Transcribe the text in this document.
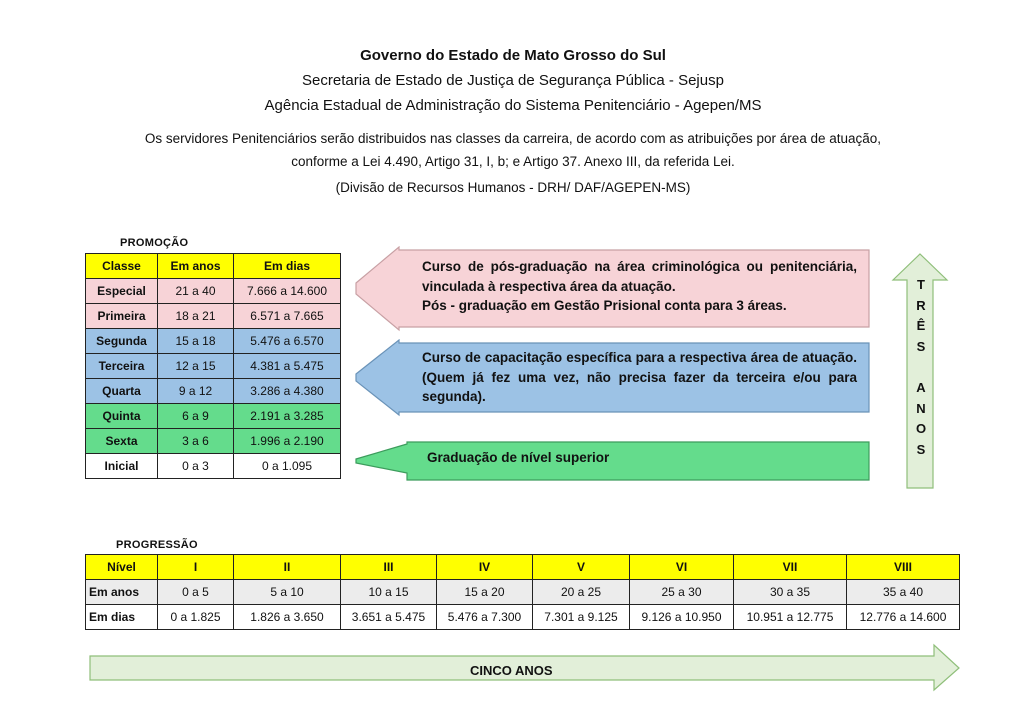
Governo do Estado de Mato Grosso do Sul
Secretaria de Estado de Justiça de Segurança Pública - Sejusp
Agência Estadual de Administração do Sistema Penitenciário - Agepen/MS
Os servidores Penitenciários serão distribuidos nas classes da carreira, de acordo com as atribuições por área de atuação,
conforme a Lei 4.490, Artigo 31, I, b; e Artigo 37. Anexo III, da referida Lei.
(Divisão de Recursos Humanos - DRH/ DAF/AGEPEN-MS)
PROMOÇÃO
Classe	Em anos	Em dias
Especial	21 a 40	7.666 a 14.600
Primeira	18 a 21	6.571 a 7.665
Segunda	15 a 18	5.476 a 6.570
Terceira	12 a 15	4.381 a 5.475
Quarta	9 a 12	3.286 a 4.380
Quinta	6 a 9	2.191 a 3.285
Sexta	3 a 6	1.996 a 2.190
Inicial	0 a 3	0 a 1.095
Curso de pós-graduação na área criminológica ou penitenciária, vinculada à respectiva área da atuação.
Pós - graduação em Gestão Prisional conta para 3 áreas.
Curso de capacitação específica para a respectiva área de atuação. (Quem já fez uma vez, não precisa fazer da terceira e/ou para segunda).
Graduação de nível superior
T
R
Ê
S

A
N
O
S
PROGRESSÃO
Nível	I	II	III	IV	V	VI	VII	VIII
Em anos	0 a 5	5 a 10	10 a 15	15 a 20	20 a 25	25 a 30	30 a 35	35 a 40
Em dias	0 a 1.825	1.826 a 3.650	3.651 a 5.475	5.476 a 7.300	7.301 a 9.125	9.126 a 10.950	10.951 a 12.775	12.776 a 14.600
CINCO ANOS
